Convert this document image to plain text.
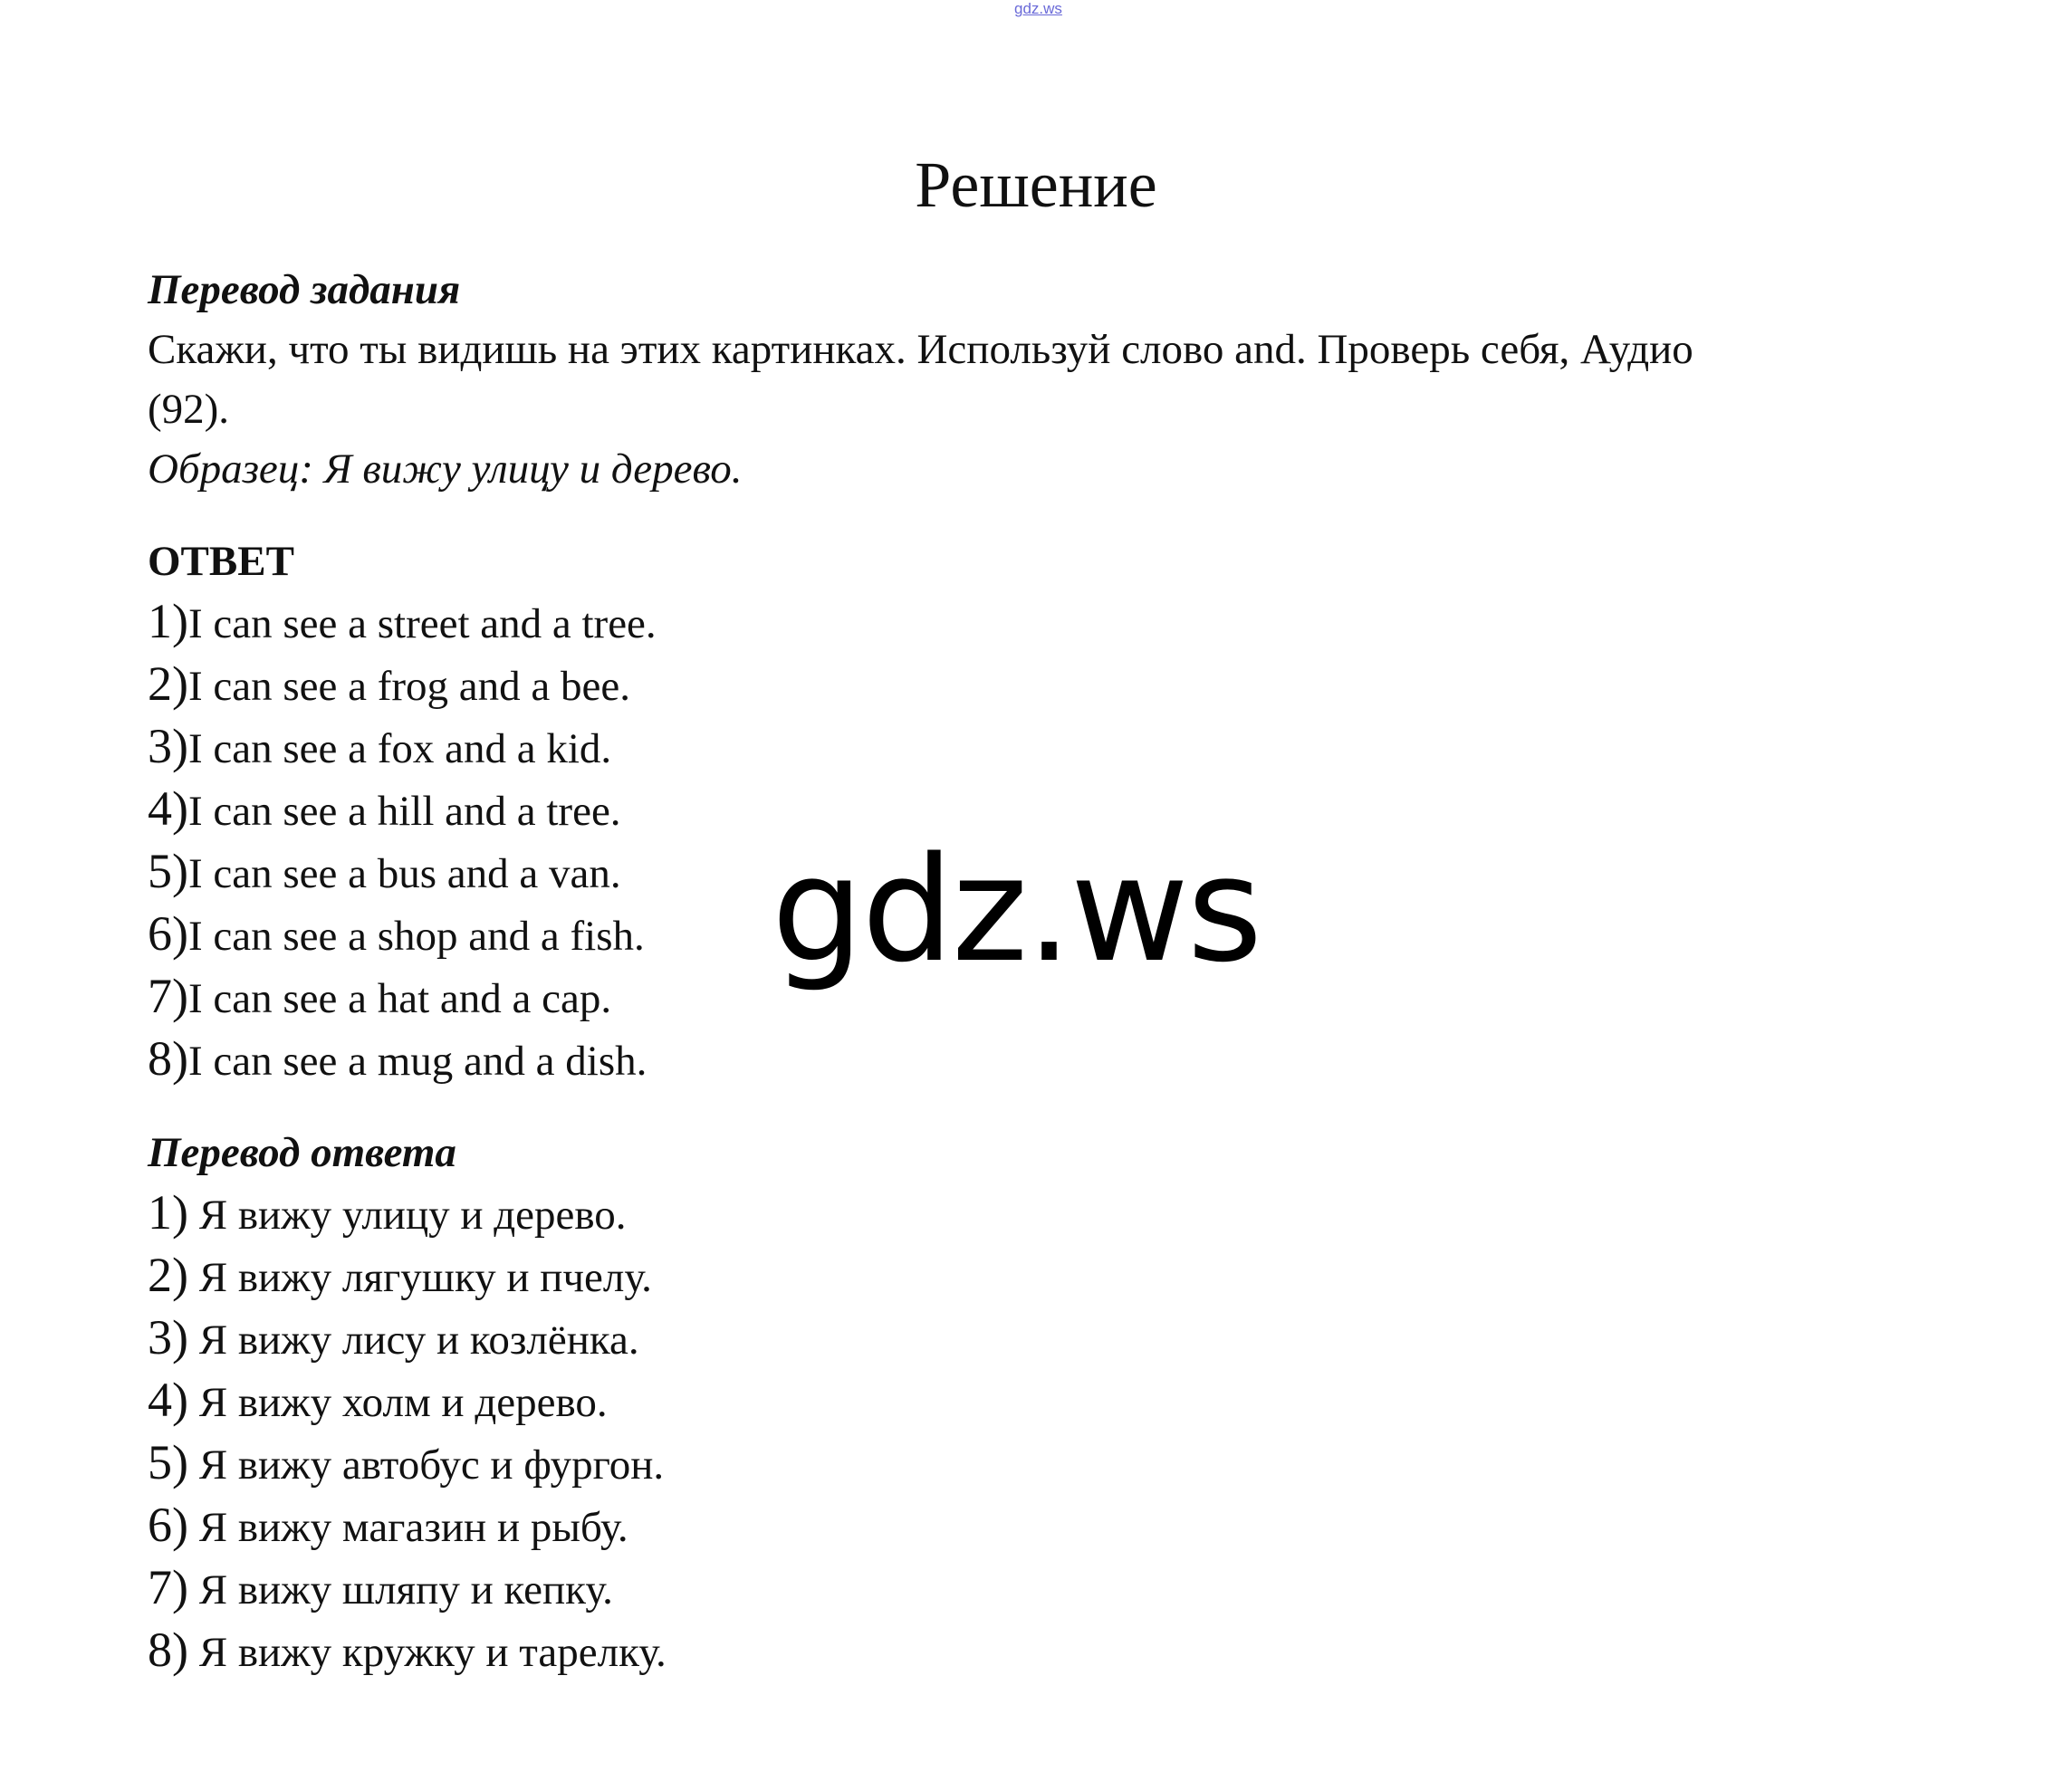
gdz.ws
Решение
Перевод задания
Скажи, что ты видишь на этих картинках. Используй слово and. Проверь себя, Аудио
(92).
Образец: Я вижу улицу и дерево.
ОТВЕТ
1)I can see a street and a tree.
2)I can see a frog and a bee.
3)I can see a fox and a kid.
4)I can see a hill and a tree.
5)I can see a bus and a van.
6)I can see a shop and a fish.
7)I can see a hat and a cap.
8)I can see a mug and a dish.
Перевод ответа
1) Я вижу улицу и дерево.
2) Я вижу лягушку и пчелу.
3) Я вижу лису и козлёнка.
4) Я вижу холм и дерево.
5) Я вижу автобус и фургон.
6) Я вижу магазин и рыбу.
7) Я вижу шляпу и кепку.
8) Я вижу кружку и тарелку.
gdz.ws
